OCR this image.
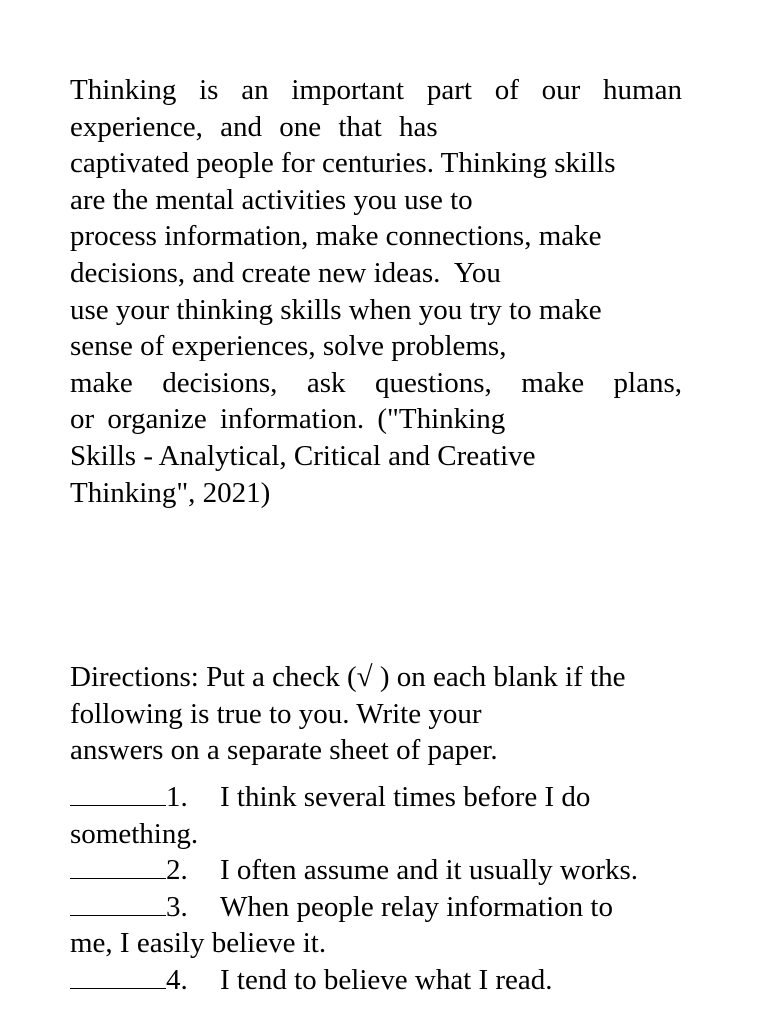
Thinking is an important part of our human
experience, and one that has
captivated people for centuries. Thinking skills
are the mental activities you use to
process information, make connections, make
decisions, and create new ideas.  You
use your thinking skills when you try to make
sense of experiences, solve problems,
make decisions, ask questions, make plans,
or organize information. ("Thinking
Skills - Analytical, Critical and Creative
Thinking", 2021)
Directions: Put a check (√ ) on each blank if the
following is true to you. Write your
answers on a separate sheet of paper.
1. I think several times before I do
something.
2. I often assume and it usually works.
3. When people relay information to
me, I easily believe it.
4. I tend to believe what I read.
